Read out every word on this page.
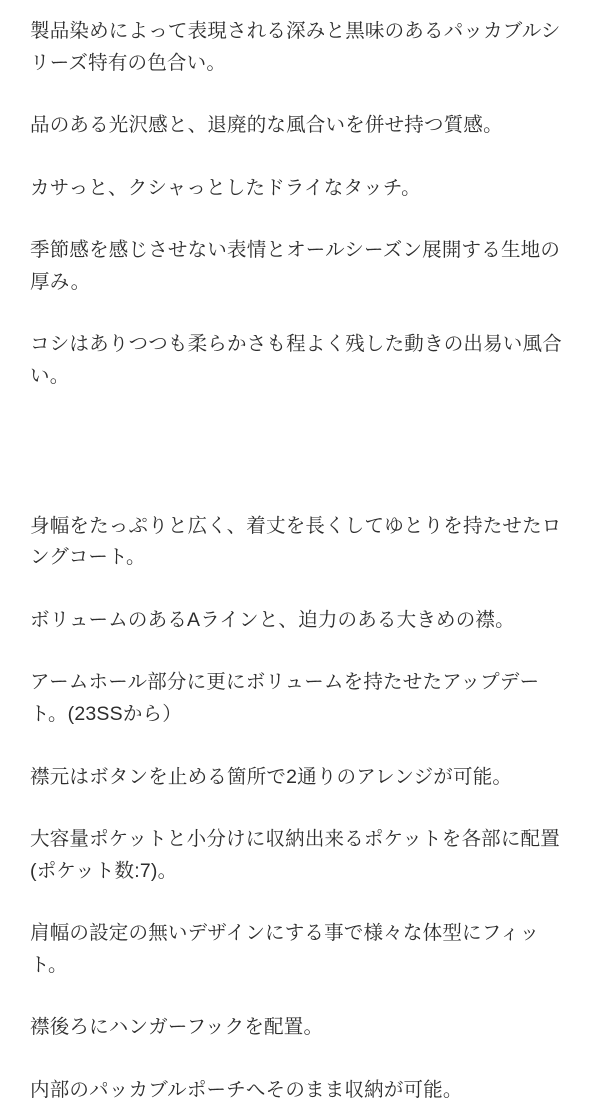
製品染めによって表現される深みと黒味のあるパッカブルシリーズ特有の色合い。

品のある光沢感と、退廃的な風合いを併せ持つ質感。

カサっと、クシャっとしたドライなタッチ。

季節感を感じさせない表情とオールシーズン展開する生地の厚み。

コシはありつつも柔らかさも程よく残した動きの出易い風合い。

身幅をたっぷりと広く、着丈を長くしてゆとりを持たせたロングコート。

ボリュームのあるAラインと、迫力のある大きめの襟。

アームホール部分に更にボリュームを持たせたアップデート。(23SSから）

襟元はボタンを止める箇所で2通りのアレンジが可能。

大容量ポケットと小分けに収納出来るポケットを各部に配置(ポケット数:7)。

肩幅の設定の無いデザインにする事で様々な体型にフィット。

襟後ろにハンガーフックを配置。

内部のパッカブルポーチへそのまま収納が可能。
